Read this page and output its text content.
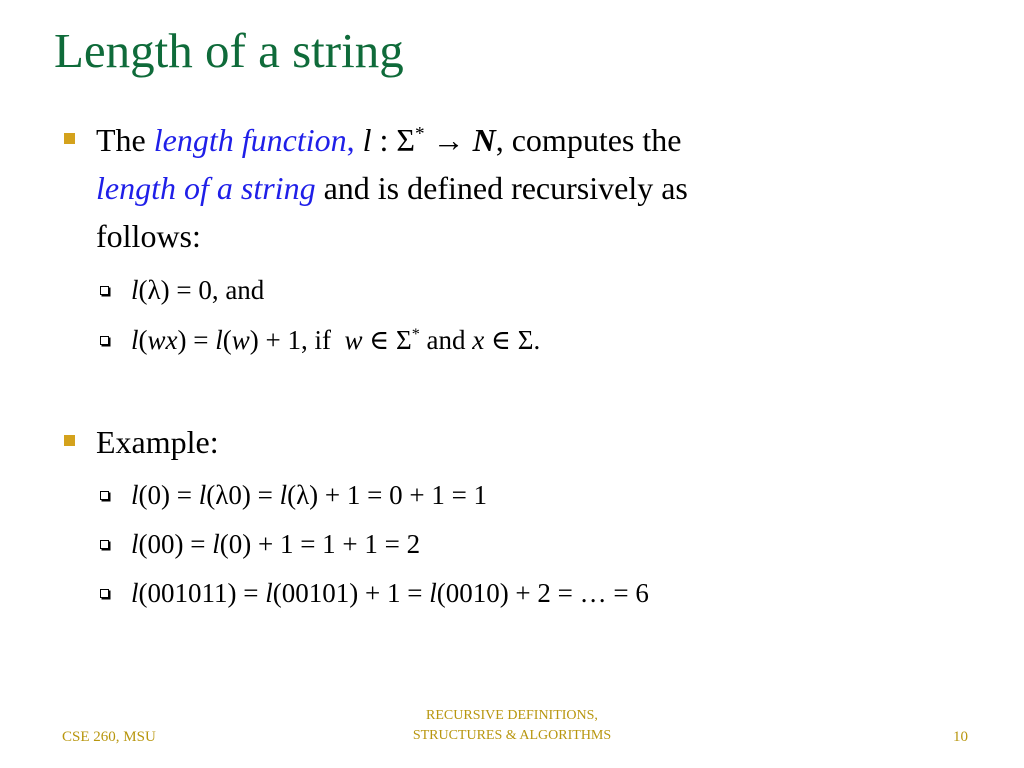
Length of a string
The length function, l : Σ* → N, computes the
length of a string and is defined recursively as
follows:
l(λ) = 0, and
l(wx) = l(w) + 1, if  w ∈ Σ* and x ∈ Σ.
Example:
l(0) = l(λ0) = l(λ) + 1 = 0 + 1 = 1
l(00) = l(0) + 1 = 1 + 1 = 2
l(001011) = l(00101) + 1 = l(0010) + 2 = … = 6
CSE 260, MSU
RECURSIVE DEFINITIONS,
STRUCTURES & ALGORITHMS	10
